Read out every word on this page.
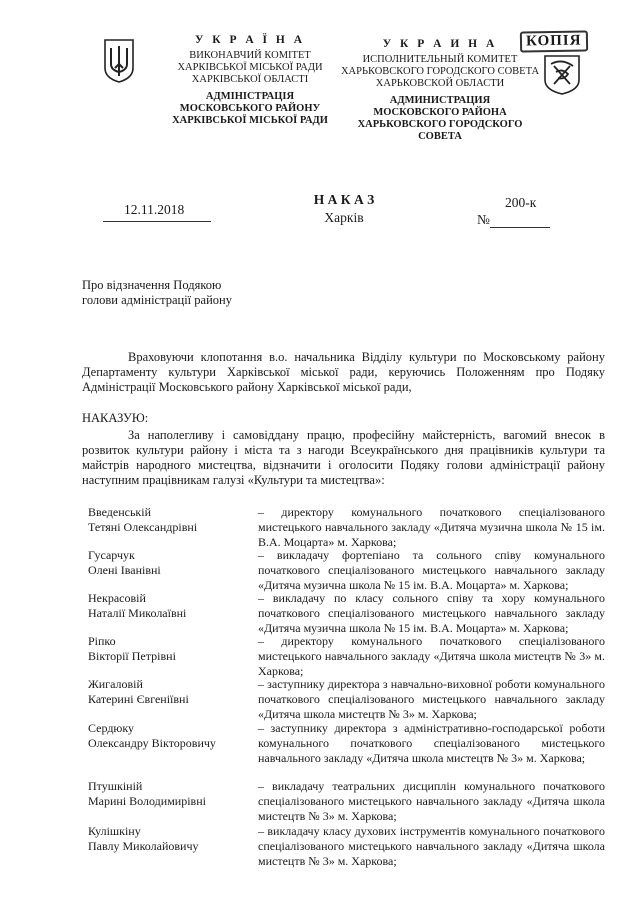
У К Р А Ї Н А
ВИКОНАВЧИЙ КОМІТЕТ
ХАРКІВСЬКОЇ МІСЬКОЇ РАДИ
ХАРКІВСЬКОЇ ОБЛАСТІ
АДМІНІСТРАЦІЯ
МОСКОВСЬКОГО РАЙОНУ
ХАРКІВСЬКОЇ МІСЬКОЇ РАДИ
У К Р А И Н А
ИСПОЛНИТЕЛЬНЫЙ КОМИТЕТ
ХАРЬКОВСКОГО ГОРОДСКОГО СОВЕТА
ХАРЬКОВСКОЙ ОБЛАСТИ
АДМИНИСТРАЦИЯ
МОСКОВСКОГО РАЙОНА
ХАРЬКОВСКОГО ГОРОДСКОГО СОВЕТА
КОПІЯ
12.11.2018
Н А К А З
Харків
200-к
№

Про відзначення Подякою

голови адміністрації району

Враховуючи клопотання в.о. начальника Відділу культури по Московському району Департаменту культури Харківської міської ради, керуючись Положенням про Подяку Адміністрації Московського району Харківської міської ради,
НАКАЗУЮ:
За наполегливу і самовіддану працю, професійну майстерність, вагомий внесок в розвиток культури району і міста та з нагоди Всеукраїнського дня працівників культури та майстрів народного мистецтва, відзначити і оголосити Подяку голови адміністрації району наступним працівникам галузі «Культури та мистецтва»:

Введенській

Тетяні Олександрівні

– директору комунального початкового спеціалізованого мистецького навчального закладу «Дитяча музична школа № 15 ім. В.А. Моцарта» м. Харкова;

Гусарчук

Олені Іванівні

– викладачу фортепіано та сольного співу комунального початкового спеціалізованого мистецького навчального закладу «Дитяча музична школа № 15 ім. В.А. Моцарта» м. Харкова;

Некрасовій

Наталії Миколаївні

– викладачу по класу сольного співу та хору комунального початкового спеціалізованого мистецького навчального закладу «Дитяча музична школа № 15 ім. В.А. Моцарта» м. Харкова;

Ріпко

Вікторії Петрівні

– директору комунального початкового спеціалізованого мистецького навчального закладу «Дитяча школа мистецтв № 3» м. Харкова;

Жигаловій

Катерині Євгеніївні

– заступнику директора з навчально-виховної роботи комунального початкового спеціалізованого мистецького навчального закладу «Дитяча школа мистецтв № 3» м. Харкова;

Сердюку

Олександру Вікторовичу

– заступнику директора з адміністративно-господарської роботи комунального початкового спеціалізованого мистецького навчального закладу «Дитяча школа мистецтв № 3» м. Харкова;

Птушкіній

Марині Володимирівні

– викладачу театральних дисциплін комунального початкового спеціалізованого мистецького навчального закладу «Дитяча школа мистецтв № 3» м. Харкова;

Кулішкіну

Павлу Миколайовичу

– викладачу класу духових інструментів комунального початкового спеціалізованого мистецького навчального закладу «Дитяча школа мистецтв № 3» м. Харкова;
